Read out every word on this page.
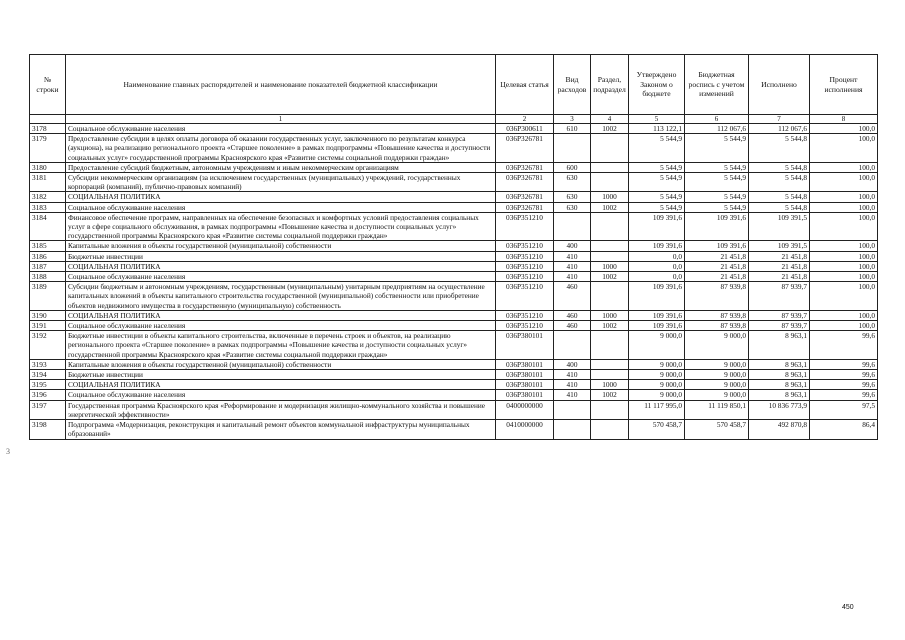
№ строки	Наименование главных распорядителей и наименование показателей бюджетной классификации	Целевая статья	Вид расходов	Раздел, подраздел	Утверждено Законом о бюджете	Бюджетная роспись с учетом изменений	Исполнено	Процент исполнения
	1	2	3	4	5	6	7	8
3178	Социальное обслуживание населения	036P300611	610	1002	113 122,1	112 067,6	112 067,6	100,0
3179	Предоставление субсидии в целях оплаты договора об оказании государственных услуг, заключенного по результатам конкурса (аукциона), на реализацию регионального проекта «Старшее поколение» в рамках подпрограммы «Повышение качества и доступности социальных услуг» государственной программы Красноярского края «Развитие системы социальной поддержки граждан»	036P326781			5 544,9	5 544,9	5 544,8	100,0
3180	Предоставление субсидий бюджетным, автономным учреждениям и иным некоммерческим организациям	036P326781	600		5 544,9	5 544,9	5 544,8	100,0
3181	Субсидии некоммерческим организациям (за исключением государственных (муниципальных) учреждений, государственных корпораций (компаний), публично-правовых компаний)	036P326781	630		5 544,9	5 544,9	5 544,8	100,0
3182	СОЦИАЛЬНАЯ ПОЛИТИКА	036P326781	630	1000	5 544,9	5 544,9	5 544,8	100,0
3183	Социальное обслуживание населения	036P326781	630	1002	5 544,9	5 544,9	5 544,8	100,0
3184	Финансовое обеспечение программ, направленных на обеспечение безопасных и комфортных условий предоставления социальных услуг в сфере социального обслуживания, в рамках подпрограммы «Повышение качества и доступности социальных услуг» государственной программы Красноярского края «Развитие системы социальной поддержки граждан»	036P351210			109 391,6	109 391,6	109 391,5	100,0
3185	Капитальные вложения в объекты государственной (муниципальной) собственности	036P351210	400		109 391,6	109 391,6	109 391,5	100,0
3186	Бюджетные инвестиции	036P351210	410		0,0	21 451,8	21 451,8	100,0
3187	СОЦИАЛЬНАЯ ПОЛИТИКА	036P351210	410	1000	0,0	21 451,8	21 451,8	100,0
3188	Социальное обслуживание населения	036P351210	410	1002	0,0	21 451,8	21 451,8	100,0
3189	Субсидии бюджетным и автономным учреждениям, государственным (муниципальным) унитарным предприятиям на осуществление капитальных вложений в объекты капитального строительства государственной (муниципальной) собственности или приобретение объектов недвижимого имущества в государственную (муниципальную) собственность	036P351210	460		109 391,6	87 939,8	87 939,7	100,0
3190	СОЦИАЛЬНАЯ ПОЛИТИКА	036P351210	460	1000	109 391,6	87 939,8	87 939,7	100,0
3191	Социальное обслуживание населения	036P351210	460	1002	109 391,6	87 939,8	87 939,7	100,0
3192	Бюджетные инвестиции в объекты капитального строительства, включенные в перечень строек и объектов, на реализацию регионального проекта «Старшее поколение» в рамках подпрограммы «Повышение качества и доступности социальных услуг» государственной программы Красноярского края «Развитие системы социальной поддержки граждан»	036P380101			9 000,0	9 000,0	8 963,1	99,6
3193	Капитальные вложения в объекты государственной (муниципальной) собственности	036P380101	400		9 000,0	9 000,0	8 963,1	99,6
3194	Бюджетные инвестиции	036P380101	410		9 000,0	9 000,0	8 963,1	99,6
3195	СОЦИАЛЬНАЯ ПОЛИТИКА	036P380101	410	1000	9 000,0	9 000,0	8 963,1	99,6
3196	Социальное обслуживание населения	036P380101	410	1002	9 000,0	9 000,0	8 963,1	99,6
3197	Государственная программа Красноярского края «Реформирование и модернизация жилищно-коммунального хозяйства и повышение энергетической эффективности»	0400000000			11 117 995,0	11 119 850,1	10 836 773,9	97,5
3198	Подпрограмма «Модернизация, реконструкция и капитальный ремонт объектов коммунальной инфраструктуры муниципальных образований»	0410000000			570 458,7	570 458,7	492 870,8	86,4
3
450
